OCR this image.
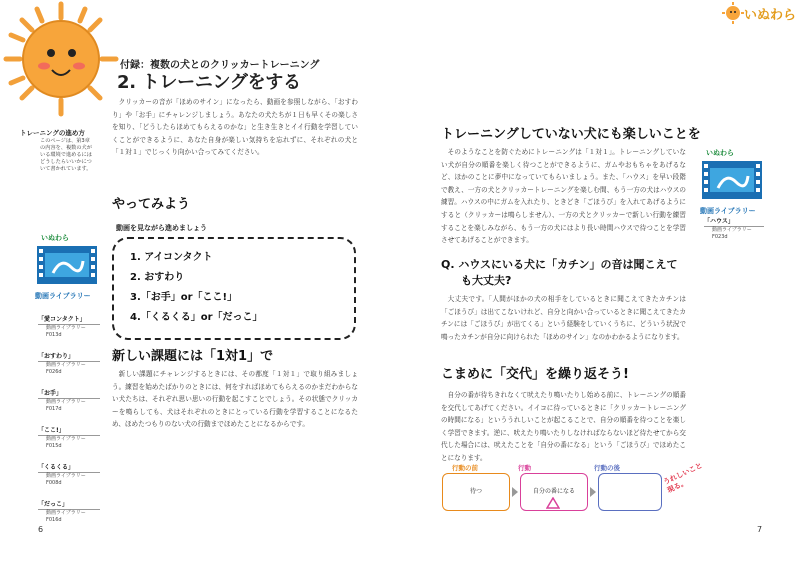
付録：複数の犬とのクリッカートレーニング
2. トレーニングをする
トレーニングの進め方
このページは、第3章の内容を、複数の犬がいる環境で進めるにはどうしたらいいかについて書かれています。
クリッカーの音が「ほめのサイン」になったら、動画を参照しながら、「おすわり」や「お手」にチャレンジしましょう。あなたの犬たちが１日も早くその楽しさを知り、「どうしたらほめてもらえるのかな」と生き生きとイイ行動を学習していくことができるように、あなた自身が楽しい気持ちを忘れずに、それぞれの犬と「１対１」でじっくり向かい合ってみてください。
やってみよう
動画を見ながら進めましょう
1. アイコンタクト
2. おすわり
3.「お手」or「ここ!」
4.「くるくる」or「だっこ」
新しい課題には「1対1」で
新しい課題にチャレンジするときには、その都度「１対１」で取り組みましょう。練習を始めたばかりのときには、何をすればほめてもらえるのかまだわからない犬たちは、それぞれ思い思いの行動を起こすことでしょう。その状態でクリッカーを鳴らしても、犬はそれぞれのときにとっている行動を学習することになるため、ほめたつもりのない犬の行動までほめたことになるからです。
いぬわら
動画ライブラリー
「愛コンタクト」
動画ライブラリー
F013d
「おすわり」
動画ライブラリー
F026d
「お手」
動画ライブラリー
F017d
「ここ!」
動画ライブラリー
F015d
「くるくる」
動画ライブラリー
F008d
「だっこ」
動画ライブラリー
F016d
6
いぬわら
トレーニングしていない犬にも楽しいことを
そのようなことを防ぐためにトレーニングは「１対１」。トレーニングしていない犬が自分の順番を楽しく待つことができるように、ガムやおもちゃをあげるなど、ほかのことに夢中になっていてもらいましょう。また、「ハウス」を早い段階で教え、一方の犬とクリッカートレーニングを楽しむ間、もう一方の犬はハウスの練習。ハウスの中にガムを入れたり、ときどき「ごほうび」を入れてあげるようにすると（クリッカーは鳴らしません）、一方の犬とクリッカーで新しい行動を練習することを楽しみながら、もう一方の犬にはより長い時間ハウスで待つことを学習させてあげることができます。
いぬわら
動画ライブラリー
「ハウス」
動画ライブラリー
F023d
Q. ハウスにいる犬に「カチン」の音は聞こえて
も大丈夫?
大丈夫です。「人間がほかの犬の相手をしているときに聞こえてきたカチンは「ごほうび」は出てこないけれど、自分と向かい合っているときに聞こえてきたカチンには「ごほうび」が出てくる」という経験をしていくうちに、どういう状況で鳴ったカチンが自分に向けられた「ほめのサイン」なのかわかるようになります。
こまめに「交代」を繰り返そう!
自分の番が待ちきれなくて吠えたり鳴いたりし始める前に、トレーニングの順番を交代してあげてください。イイコに待っているときに「クリッカートレーニングの時間になる」といううれしいことが起こることで、自分の順番を待つことを楽しく学習できます。逆に、吠えたり鳴いたりしなければならないほど待たせてから交代した場合には、吠えたことを「自分の番になる」という「ごほうび」でほめたことになります。
行動の前	行動	行動の後
待つ	自分の番になる
うれしいこと現る。
7
